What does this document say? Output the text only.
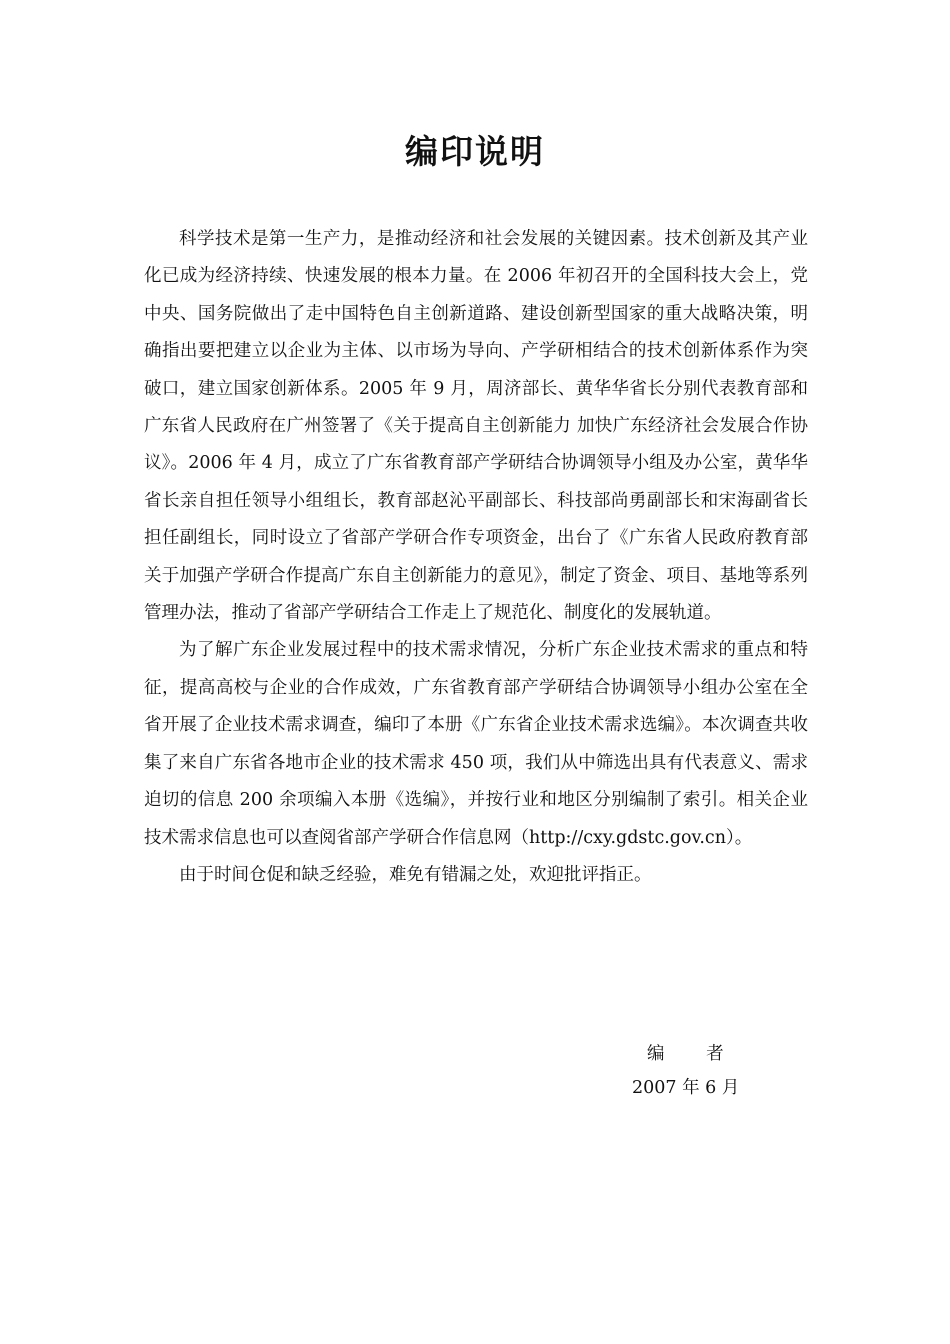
编印说明

科学技术是第一生产力，是推动经济和社会发展的关键因素。技术创新及其产业化已成为经济持续、快速发展的根本力量。在 2006 年初召开的全国科技大会上，党中央、国务院做出了走中国特色自主创新道路、建设创新型国家的重大战略决策，明确指出要把建立以企业为主体、以市场为导向、产学研相结合的技术创新体系作为突破口，建立国家创新体系。2005 年 9 月，周济部长、黄华华省长分别代表教育部和广东省人民政府在广州签署了《关于提高自主创新能力 加快广东经济社会发展合作协议》。2006 年 4 月，成立了广东省教育部产学研结合协调领导小组及办公室，黄华华省长亲自担任领导小组组长，教育部赵沁平副部长、科技部尚勇副部长和宋海副省长担任副组长，同时设立了省部产学研合作专项资金，出台了《广东省人民政府教育部关于加强产学研合作提高广东自主创新能力的意见》，制定了资金、项目、基地等系列管理办法，推动了省部产学研结合工作走上了规范化、制度化的发展轨道。

为了解广东企业发展过程中的技术需求情况，分析广东企业技术需求的重点和特征，提高高校与企业的合作成效，广东省教育部产学研结合协调领导小组办公室在全省开展了企业技术需求调查，编印了本册《广东省企业技术需求选编》。本次调查共收集了来自广东省各地市企业的技术需求 450 项，我们从中筛选出具有代表意义、需求迫切的信息 200 余项编入本册《选编》，并按行业和地区分别编制了索引。相关企业技术需求信息也可以查阅省部产学研合作信息网（http://cxy.gdstc.gov.cn）。

由于时间仓促和缺乏经验，难免有错漏之处，欢迎批评指正。

编 者
2007 年 6 月
